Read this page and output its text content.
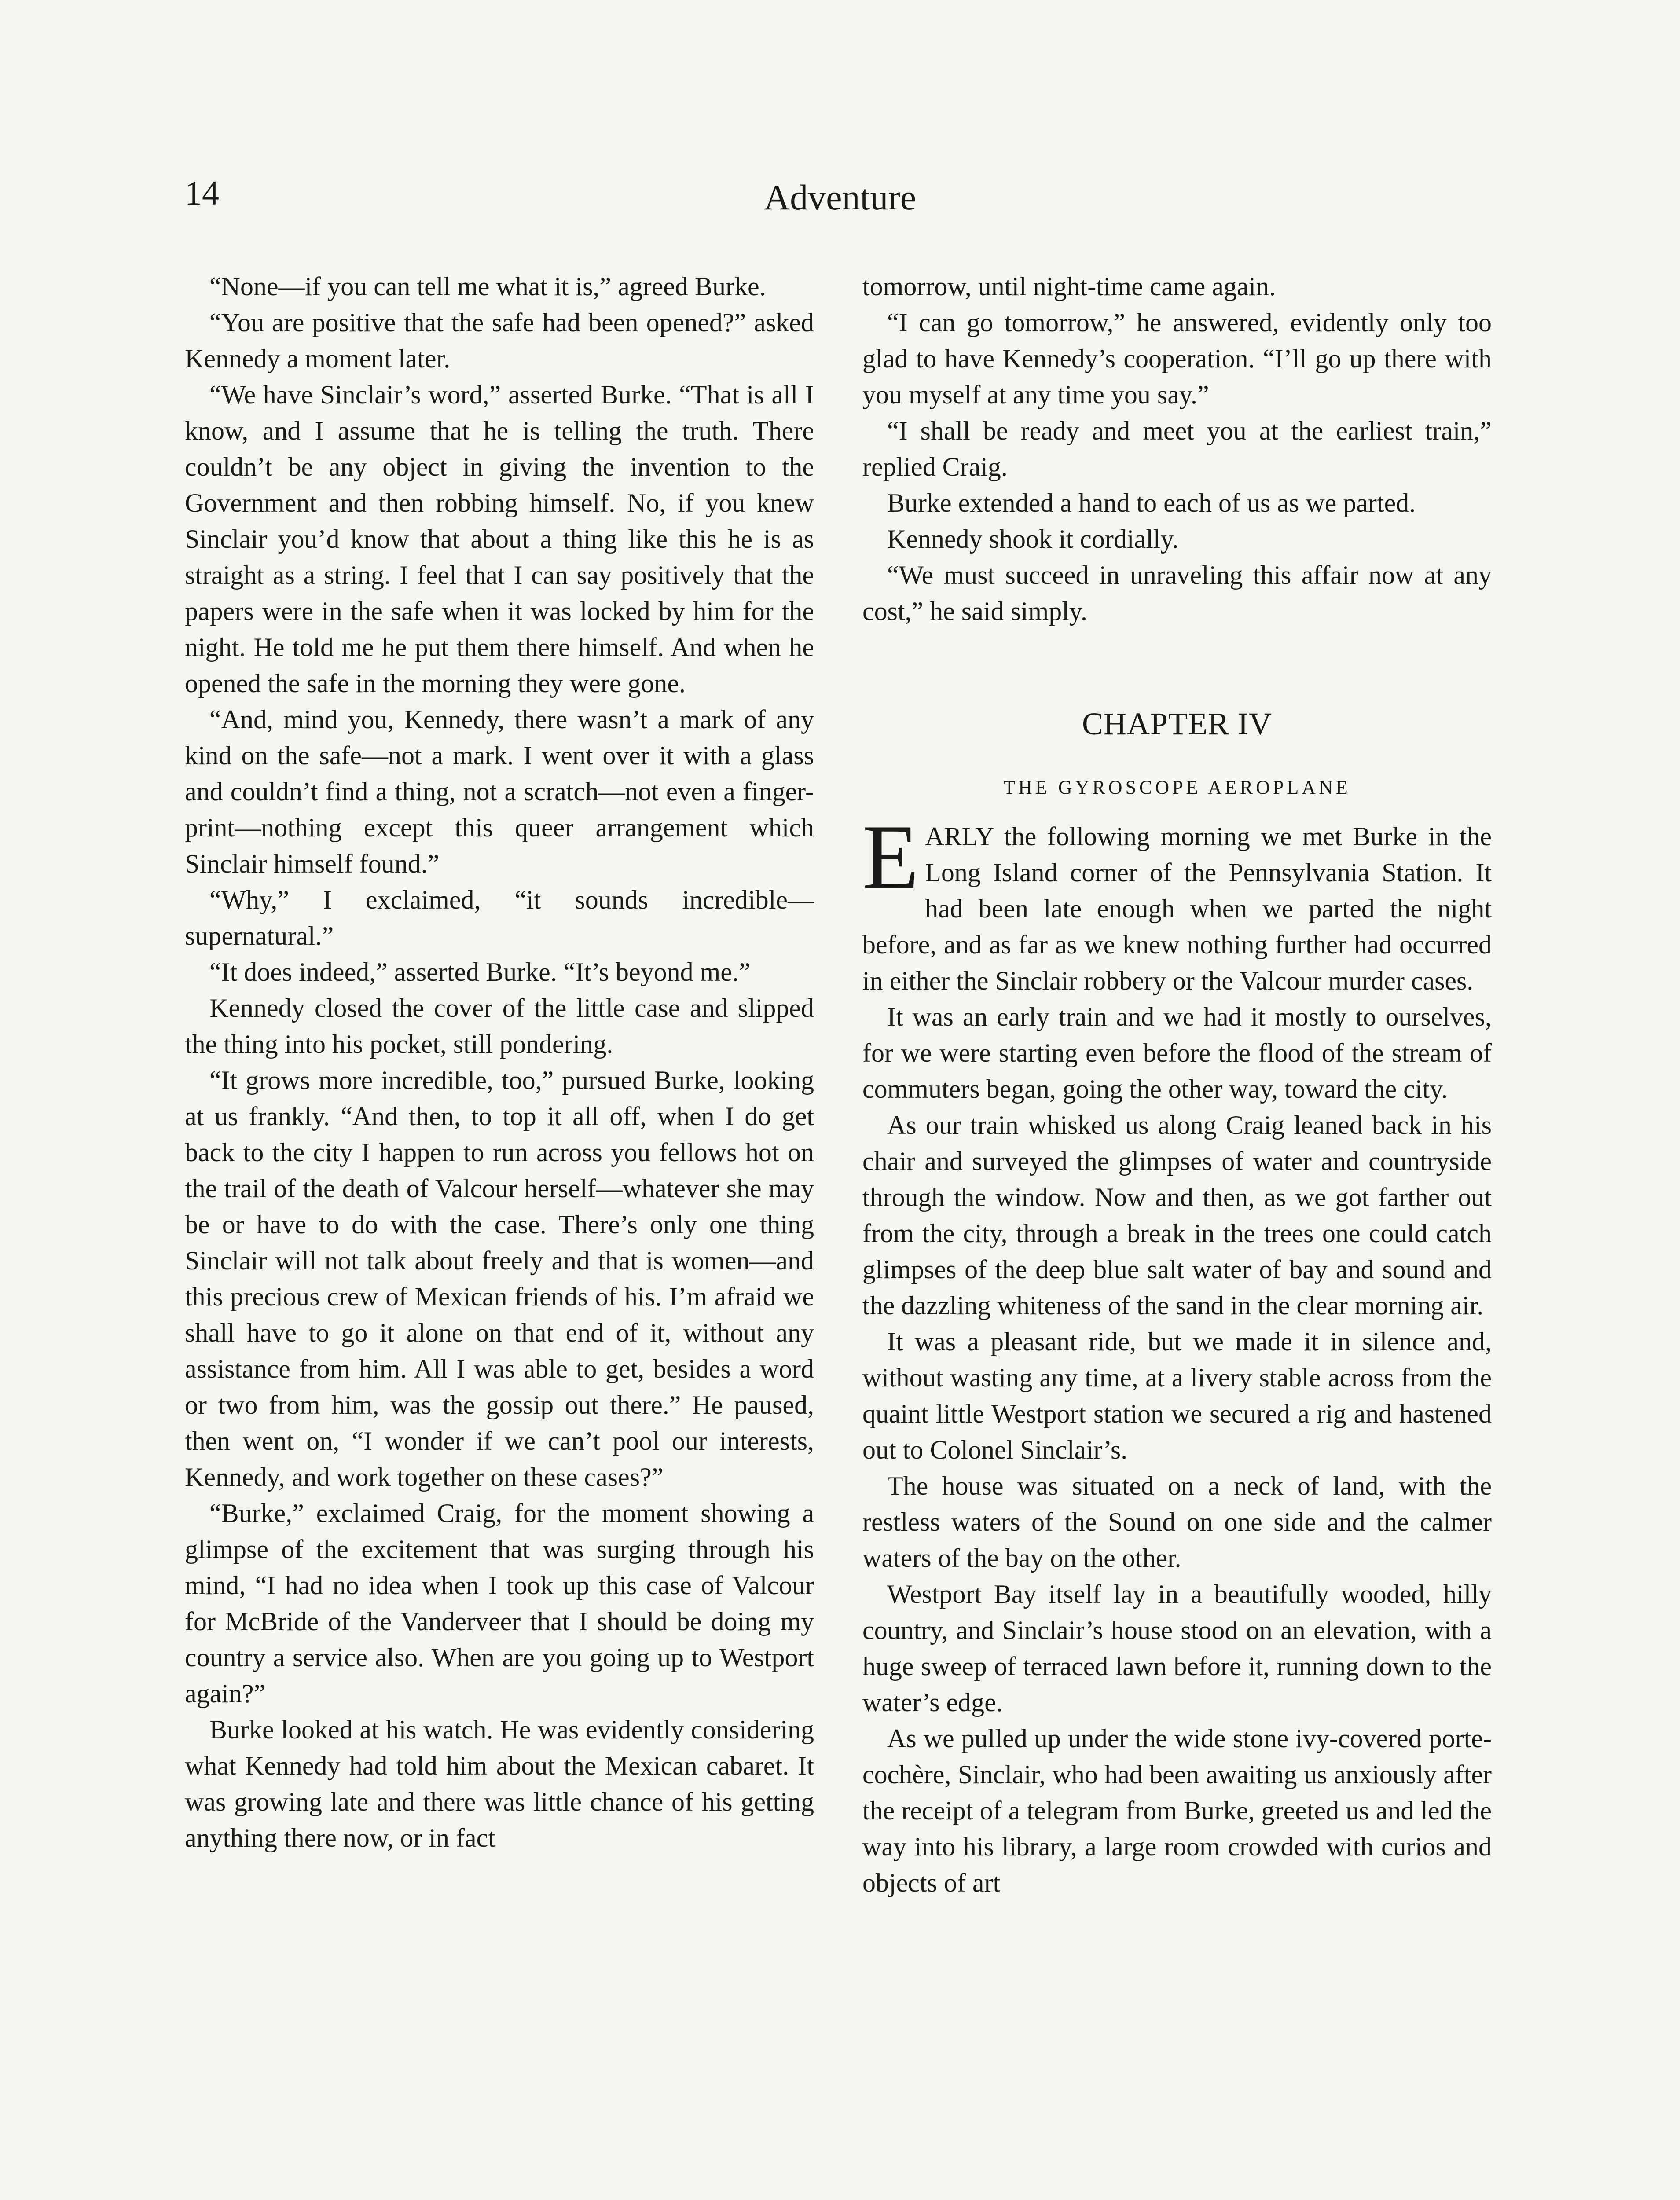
14	Adventure

“None—if you can tell me what it is,” agreed Burke.

“You are positive that the safe had been opened?” asked Kennedy a moment later.

“We have Sinclair’s word,” asserted Burke. “That is all I know, and I assume that he is telling the truth. There couldn’t be any object in giving the invention to the Government and then robbing himself. No, if you knew Sinclair you’d know that about a thing like this he is as straight as a string. I feel that I can say positively that the papers were in the safe when it was locked by him for the night. He told me he put them there himself. And when he opened the safe in the morning they were gone.

“And, mind you, Kennedy, there wasn’t a mark of any kind on the safe—not a mark. I went over it with a glass and couldn’t find a thing, not a scratch—not even a finger-print—nothing except this queer arrangement which Sinclair himself found.”

“Why,” I exclaimed, “it sounds incredible—supernatural.”

“It does indeed,” asserted Burke. “It’s beyond me.”

Kennedy closed the cover of the little case and slipped the thing into his pocket, still pondering.

“It grows more incredible, too,” pursued Burke, looking at us frankly. “And then, to top it all off, when I do get back to the city I happen to run across you fellows hot on the trail of the death of Valcour herself—whatever she may be or have to do with the case. There’s only one thing Sinclair will not talk about freely and that is women—and this precious crew of Mexican friends of his. I’m afraid we shall have to go it alone on that end of it, without any assistance from him. All I was able to get, besides a word or two from him, was the gossip out there.” He paused, then went on, “I wonder if we can’t pool our interests, Kennedy, and work together on these cases?”

“Burke,” exclaimed Craig, for the moment showing a glimpse of the excitement that was surging through his mind, “I had no idea when I took up this case of Valcour for McBride of the Vanderveer that I should be doing my country a service also. When are you going up to Westport again?”

Burke looked at his watch. He was evidently considering what Kennedy had told him about the Mexican cabaret. It was growing late and there was little chance of his getting anything there now, or in fact

tomorrow, until night-time came again.

“I can go tomorrow,” he answered, evidently only too glad to have Kennedy’s cooperation. “I’ll go up there with you myself at any time you say.”

“I shall be ready and meet you at the earliest train,” replied Craig.

Burke extended a hand to each of us as we parted.

Kennedy shook it cordially.

“We must succeed in unraveling this affair now at any cost,” he said simply.

CHAPTER IV
THE GYROSCOPE AEROPLANE

EARLY the following morning we met Burke in the Long Island corner of the Pennsylvania Station. It had been late enough when we parted the night before, and as far as we knew nothing further had occurred in either the Sinclair robbery or the Valcour murder cases.

It was an early train and we had it mostly to ourselves, for we were starting even before the flood of the stream of commuters began, going the other way, toward the city.

As our train whisked us along Craig leaned back in his chair and surveyed the glimpses of water and countryside through the window. Now and then, as we got farther out from the city, through a break in the trees one could catch glimpses of the deep blue salt water of bay and sound and the dazzling whiteness of the sand in the clear morning air.

It was a pleasant ride, but we made it in silence and, without wasting any time, at a livery stable across from the quaint little Westport station we secured a rig and hastened out to Colonel Sinclair’s.

The house was situated on a neck of land, with the restless waters of the Sound on one side and the calmer waters of the bay on the other.

Westport Bay itself lay in a beautifully wooded, hilly country, and Sinclair’s house stood on an elevation, with a huge sweep of terraced lawn before it, running down to the water’s edge.

As we pulled up under the wide stone ivy-covered porte-cochère, Sinclair, who had been awaiting us anxiously after the receipt of a telegram from Burke, greeted us and led the way into his library, a large room crowded with curios and objects of art
